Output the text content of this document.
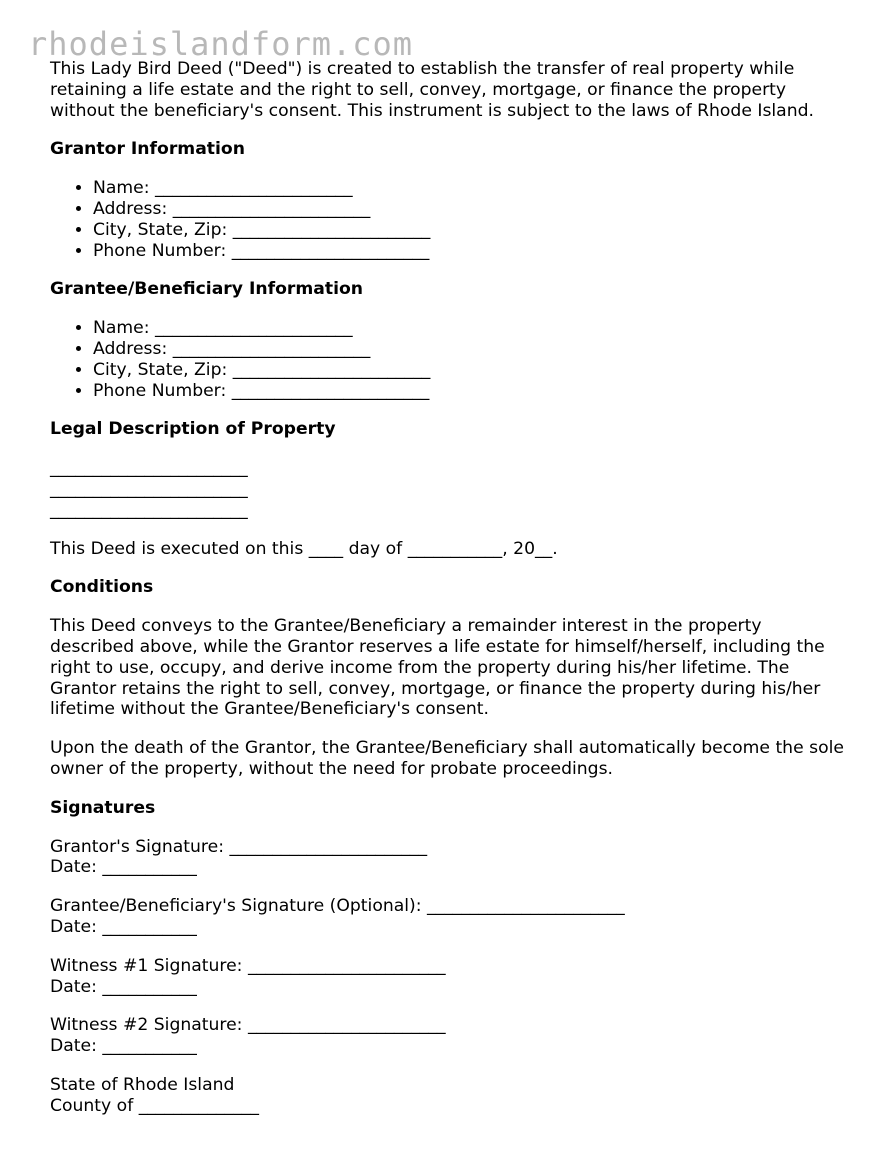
rhodeislandform.com

This Lady Bird Deed ("Deed") is created to establish the transfer of real property while retaining a life estate and the right to sell, convey, mortgage, or finance the property without the beneficiary's consent. This instrument is subject to the laws of Rhode Island.

Grantor Information
• Name: _______________________
• Address: _______________________
• City, State, Zip: _______________________
• Phone Number: _______________________
Grantee/Beneficiary Information
• Name: _______________________
• Address: _______________________
• City, State, Zip: _______________________
• Phone Number: _______________________
Legal Description of Property

_______________________

_______________________

_______________________

This Deed is executed on this ____ day of ___________, 20__.

Conditions

This Deed conveys to the Grantee/Beneficiary a remainder interest in the property described above, while the Grantor reserves a life estate for himself/herself, including the right to use, occupy, and derive income from the property during his/her lifetime. The Grantor retains the right to sell, convey, mortgage, or finance the property during his/her lifetime without the Grantee/Beneficiary's consent.

Upon the death of the Grantor, the Grantee/Beneficiary shall automatically become the sole owner of the property, without the need for probate proceedings.

Signatures

Grantor's Signature: _______________________

Date: ___________

Grantee/Beneficiary's Signature (Optional): _______________________

Date: ___________

Witness #1 Signature: _______________________

Date: ___________

Witness #2 Signature: _______________________

Date: ___________

State of Rhode Island

County of ______________
